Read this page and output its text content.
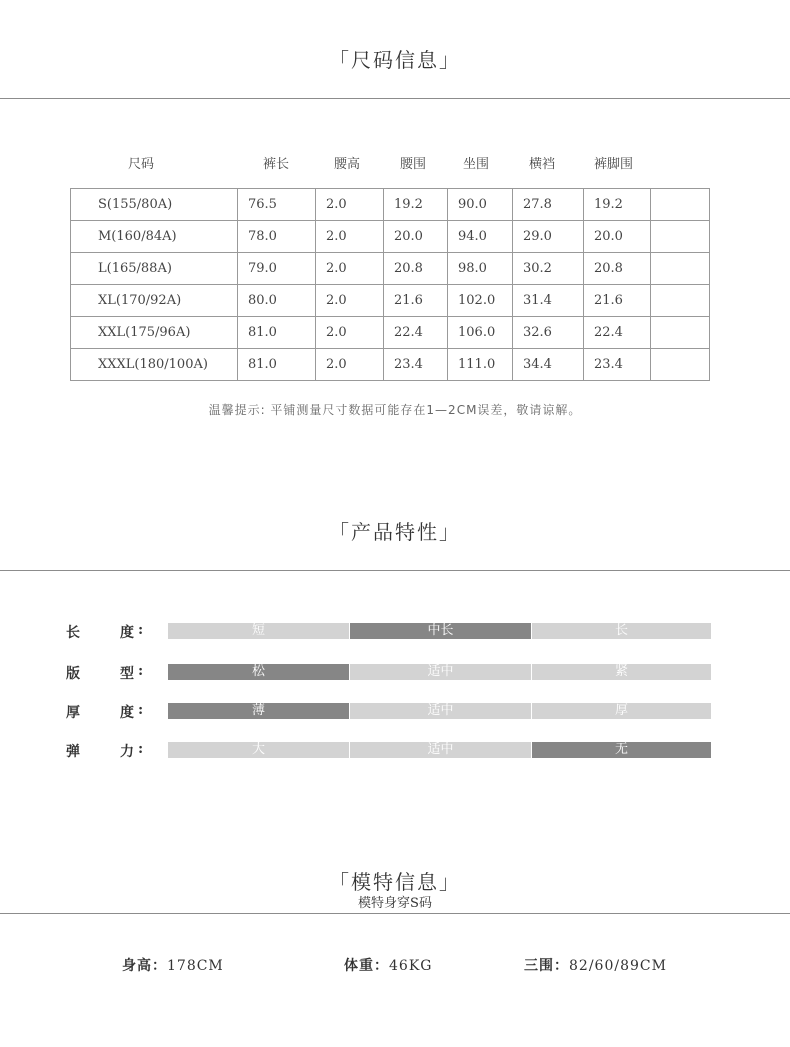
「尺码信息」
尺码	裤长	腰高	腰围	坐围	横裆	裤脚围
S(155/80A)	76.5	2.0	19.2	90.0	27.8	19.2	
M(160/84A)	78.0	2.0	20.0	94.0	29.0	20.0	
L(165/88A)	79.0	2.0	20.8	98.0	30.2	20.8	
XL(170/92A)	80.0	2.0	21.6	102.0	31.4	21.6	
XXL(175/96A)	81.0	2.0	22.4	106.0	32.6	22.4	
XXXL(180/100A)	81.0	2.0	23.4	111.0	34.4	23.4	
温馨提示: 平铺测量尺寸数据可能存在1—2CM误差，敬请谅解。
「产品特性」
长	度 :	短	中长	长
版	型 :	松	适中	紧
厚	度 :	薄	适中	厚
弹	力 :	大	适中	无
「模特信息」
模特身穿S码
身高：178CM	体重：46KG	三围：82/60/89CM
